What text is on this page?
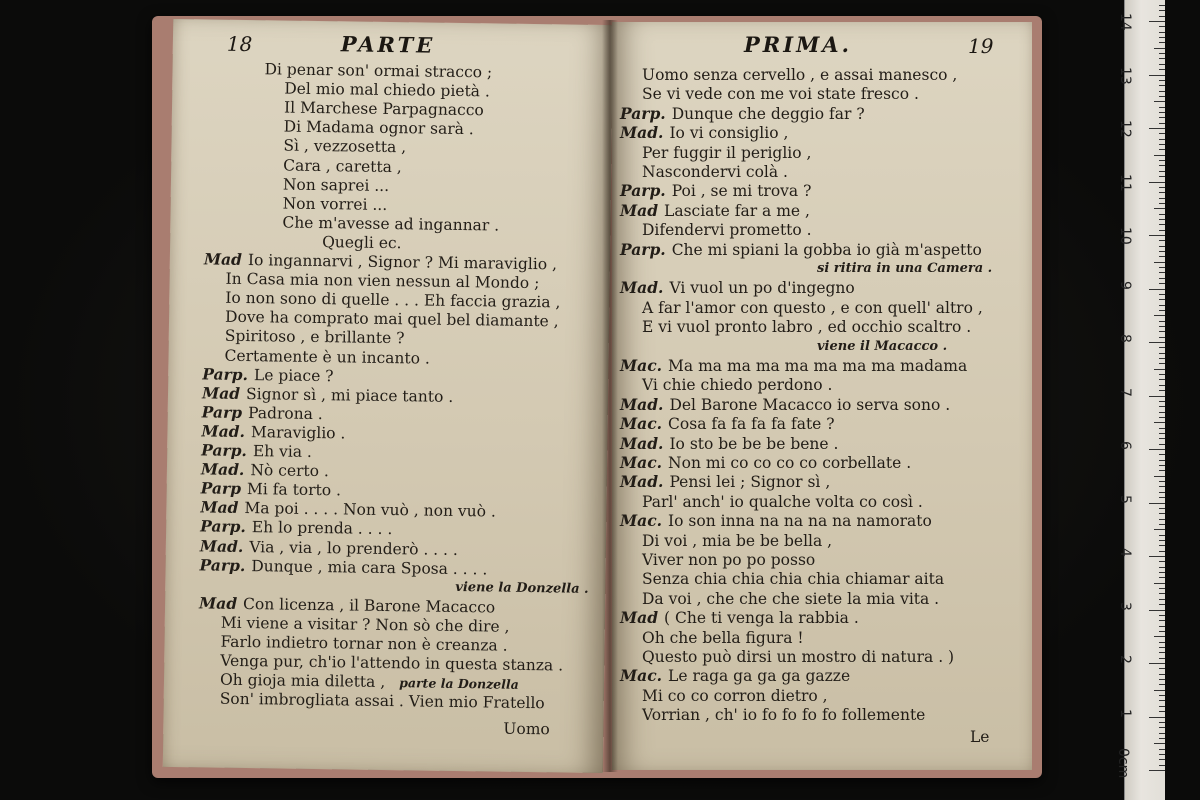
18	PARTE
Di penar son' ormai stracco ;
Del mio mal chiedo pietà .
Il Marchese Parpagnacco
Di Madama ognor sarà .
Sì , vezzosetta ,
Cara , caretta ,
Non saprei ...
Non vorrei ...
Che m'avesse ad ingannar .
Quegli ec.
Mad Io ingannarvi , Signor ? Mi maraviglio ,
In Casa mia non vien nessun al Mondo ;
Io non sono di quelle . . . Eh faccia grazia ,
Dove ha comprato mai quel bel diamante ,
Spiritoso , e brillante ?
Certamente è un incanto .
Parp. Le piace ?
Mad Signor sì , mi piace tanto .
Parp Padrona .
Mad. Maraviglio .
Parp. Eh via .
Mad. Nò certo .
Parp Mi fa torto .
Mad Ma poi . . . . Non vuò , non vuò .
Parp. Eh lo prenda . . . .
Mad. Via , via , lo prenderò . . . .
Parp. Dunque , mia cara Sposa . . . .
viene la Donzella .
Mad Con licenza , il Barone Macacco
Mi viene a visitar ? Non sò che dire ,
Farlo indietro tornar non è creanza .
Venga pur, ch'io l'attendo in questa stanza .
Oh gioja mia diletta , parte la Donzella
Son' imbrogliata assai . Vien mio Fratello
Uomo
PRIMA.	19
Uomo senza cervello , e assai manesco ,
Se vi vede con me voi state fresco .
Parp. Dunque che deggio far ?
Mad. Io vi consiglio ,
Per fuggir il periglio ,
Nascondervi colà .
Parp. Poi , se mi trova ?
Mad Lasciate far a me ,
Difendervi prometto .
Parp. Che mi spiani la gobba io già m'aspetto
si ritira in una Camera .
Mad. Vi vuol un po d'ingegno
A far l'amor con questo , e con quell' altro ,
E vi vuol pronto labro , ed occhio scaltro .
viene il Macacco .
Mac. Ma ma ma ma ma ma ma ma madama
Vi chie chiedo perdono .
Mad. Del Barone Macacco io serva sono .
Mac. Cosa fa fa fa fa fate ?
Mad. Io sto be be be bene .
Mac. Non mi co co co co corbellate .
Mad. Pensi lei ; Signor sì ,
Parl' anch' io qualche volta co così .
Mac. Io son inna na na na na namorato
Di voi , mia be be bella ,
Viver non po po posso
Senza chia chia chia chia chiamar aita
Da voi , che che che siete la mia vita .
Mad ( Che ti venga la rabbia .
Oh che bella figura !
Questo può dirsi un mostro di natura . )
Mac. Le raga ga ga ga gazze
Mi co co corron dietro ,
Vorrian , ch' io fo fo fo fo follemente
Le
0cm
1
2
3
4
5
6
7
8
9
10
11
12
13
14
